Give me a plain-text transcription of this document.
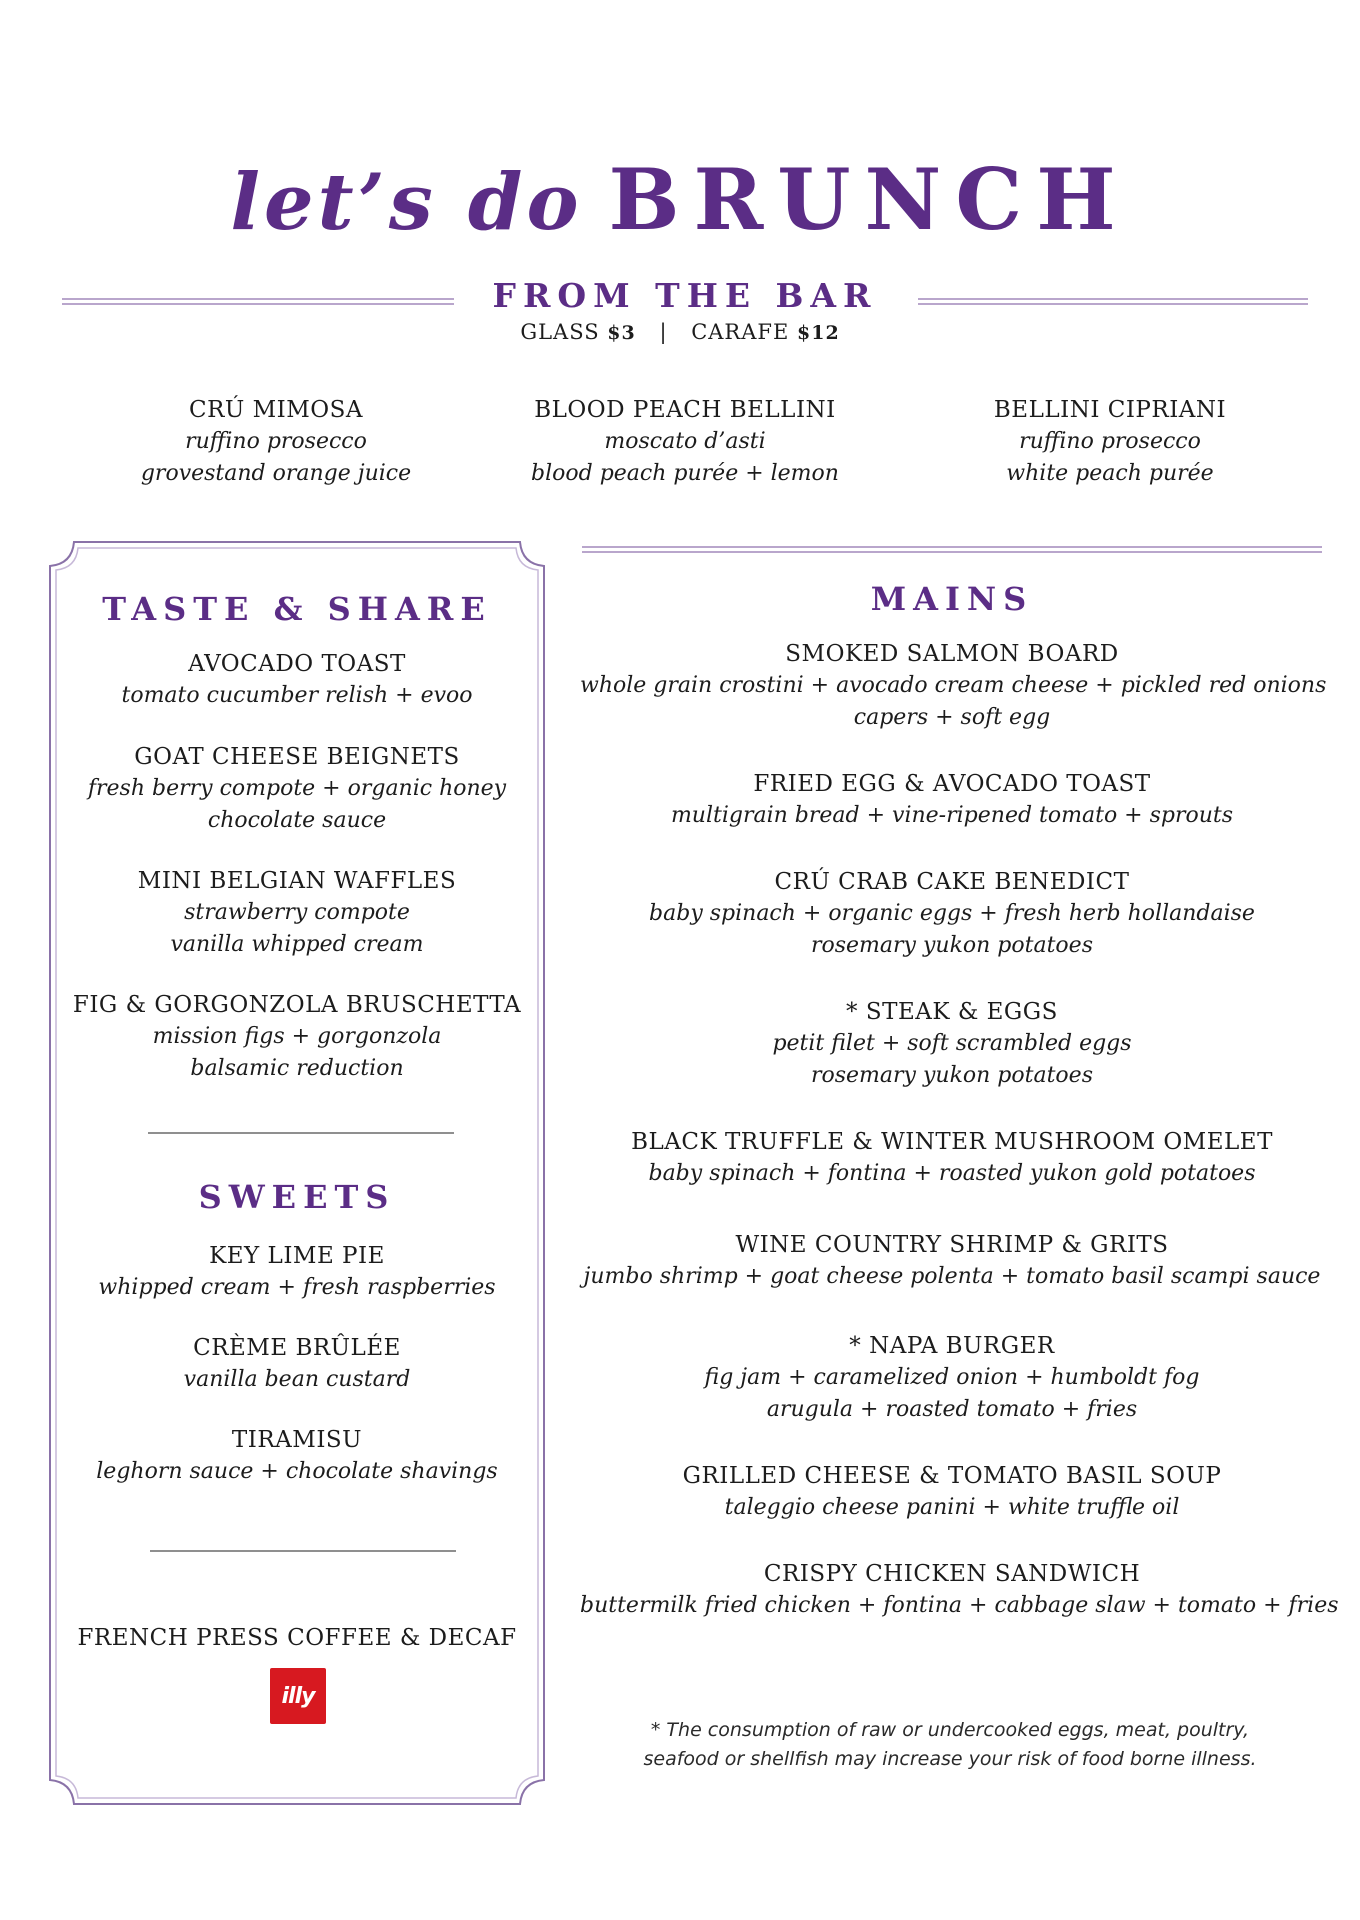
let’s do BRUNCH
FROM THE BAR
GLASS $3 | CARAFE $12
CRÚ MIMOSA
ruffino prosecco
grovestand orange juice
BLOOD PEACH BELLINI
moscato d’asti
blood peach purée + lemon
BELLINI CIPRIANI
ruffino prosecco
white peach purée
TASTE & SHARE
AVOCADO TOAST
tomato cucumber relish + evoo
GOAT CHEESE BEIGNETS
fresh berry compote + organic honey
chocolate sauce
MINI BELGIAN WAFFLES
strawberry compote
vanilla whipped cream
FIG & GORGONZOLA BRUSCHETTA
mission figs + gorgonzola
balsamic reduction
SWEETS
KEY LIME PIE
whipped cream + fresh raspberries
CRÈME BRÛLÉE
vanilla bean custard
TIRAMISU
leghorn sauce + chocolate shavings
FRENCH PRESS COFFEE & DECAF
illy
MAINS
SMOKED SALMON BOARD
whole grain crostini + avocado cream cheese + pickled red onions
capers + soft egg
FRIED EGG & AVOCADO TOAST
multigrain bread + vine-ripened tomato + sprouts
CRÚ CRAB CAKE BENEDICT
baby spinach + organic eggs + fresh herb hollandaise
rosemary yukon potatoes
* STEAK & EGGS
petit filet + soft scrambled eggs
rosemary yukon potatoes
BLACK TRUFFLE & WINTER MUSHROOM OMELET
baby spinach + fontina + roasted yukon gold potatoes
WINE COUNTRY SHRIMP & GRITS
jumbo shrimp + goat cheese polenta + tomato basil scampi sauce
* NAPA BURGER
fig jam + caramelized onion + humboldt fog
arugula + roasted tomato + fries
GRILLED CHEESE & TOMATO BASIL SOUP
taleggio cheese panini + white truffle oil
CRISPY CHICKEN SANDWICH
buttermilk fried chicken + fontina + cabbage slaw + tomato + fries
* The consumption of raw or undercooked eggs, meat, poultry,
seafood or shellfish may increase your risk of food borne illness.
